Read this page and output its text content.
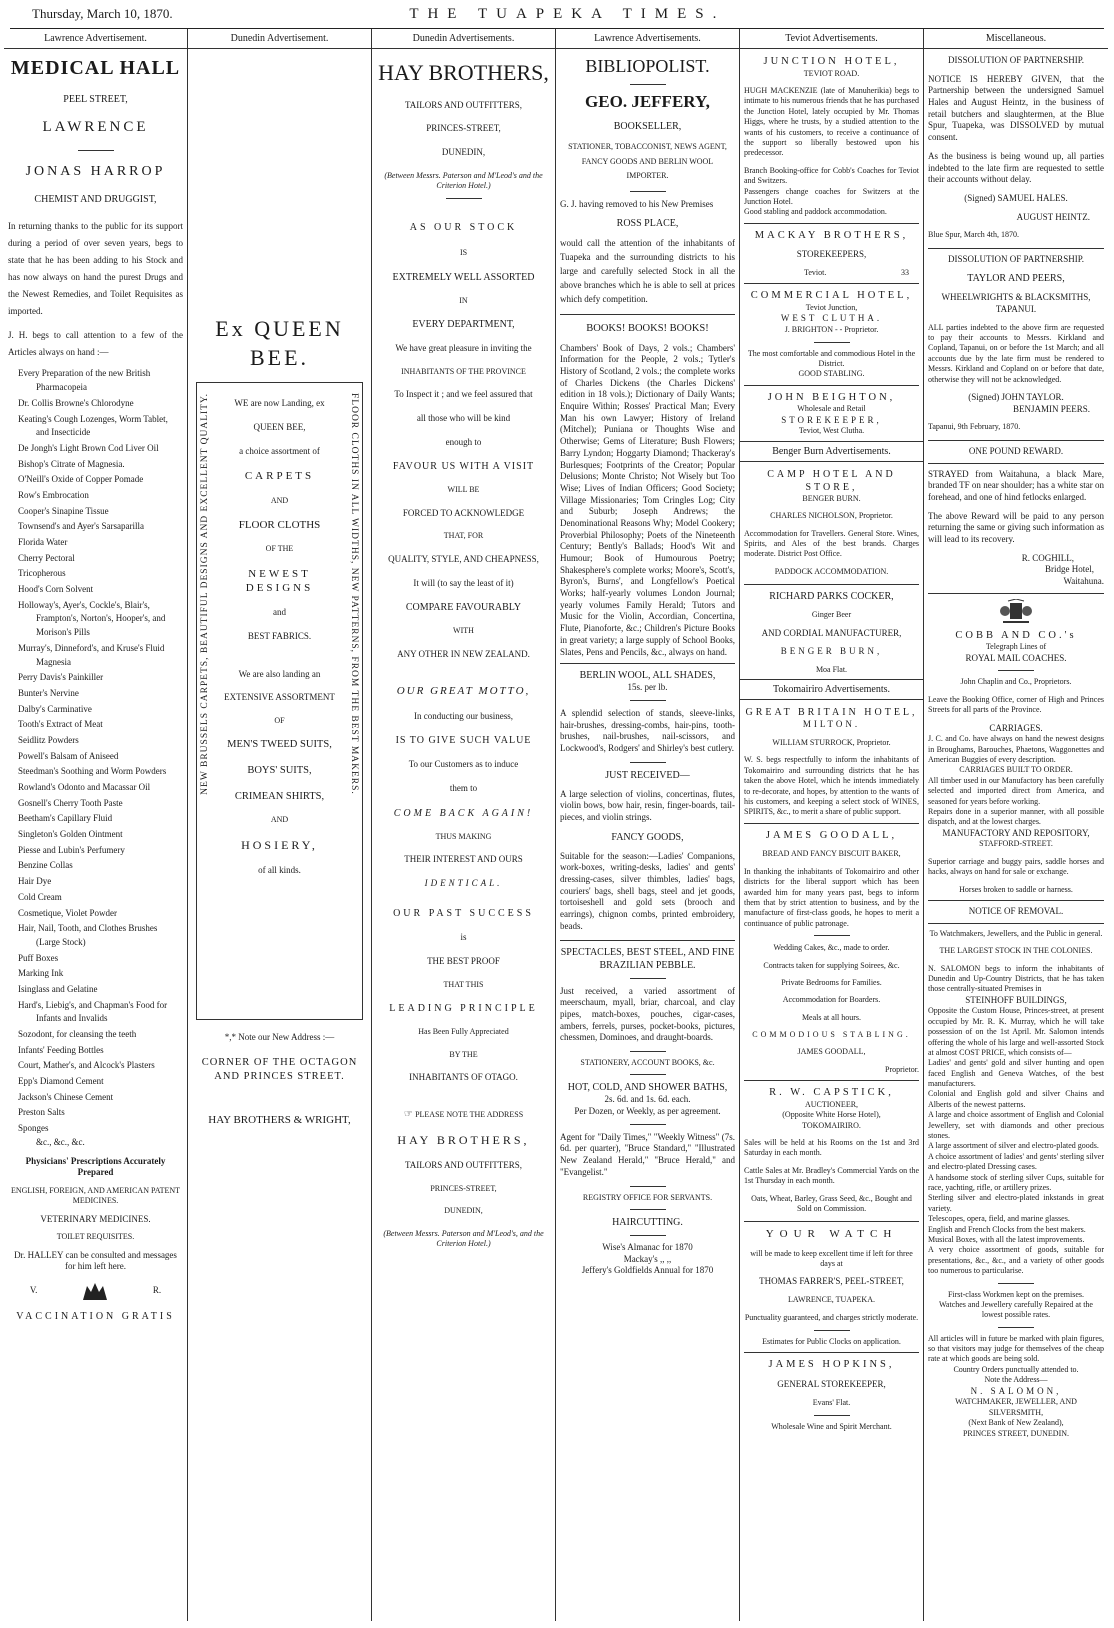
Thursday, March 10, 1870.	THE TUAPEKA TIMES.
Lawrence Advertisement.
MEDICAL HALL
PEEL STREET,
LAWRENCE
JONAS HARROP
CHEMIST AND DRUGGIST,
In returning thanks to the public for its support during a period of over seven years, begs to state that he has been adding to his Stock and has now always on hand the purest Drugs and the Newest Remedies, and Toilet Requisites as imported.
J. H. begs to call attention to a few of the Articles always on hand :—
Every Preparation of the new British
Pharmacopeia
Dr. Collis Browne's Chlorodyne
Keating's Cough Lozenges, Worm Tablet,
and Insecticide
De Jongh's Light Brown Cod Liver Oil
Bishop's Citrate of Magnesia.
O'Neill's Oxide of Copper Pomade
Row's Embrocation
Cooper's Sinapine Tissue
Townsend's and Ayer's Sarsaparilla
Florida Water
Cherry Pectoral
Tricopherous
Hood's Corn Solvent
Holloway's, Ayer's, Cockle's, Blair's,
Frampton's, Norton's, Hooper's, and
Morison's Pills
Murray's, Dinneford's, and Kruse's Fluid
Magnesia
Perry Davis's Painkiller
Bunter's Nervine
Dalby's Carminative
Tooth's Extract of Meat
Seidlitz Powders
Powell's Balsam of Aniseed
Steedman's Soothing and Worm Powders
Rowland's Odonto and Macassar Oil
Gosnell's Cherry Tooth Paste
Beetham's Capillary Fluid
Singleton's Golden Ointment
Piesse and Lubin's Perfumery
Benzine Collas
Hair Dye
Cold Cream
Cosmetique, Violet Powder
Hair, Nail, Tooth, and Clothes Brushes
(Large Stock)
Puff Boxes
Marking Ink
Isinglass and Gelatine
Hard's, Liebig's, and Chapman's Food for
Infants and Invalids
Sozodont, for cleansing the teeth
Infants' Feeding Bottles
Court, Mather's, and Alcock's Plasters
Epp's Diamond Cement
Jackson's Chinese Cement
Preston Salts
Sponges
&c., &c., &c.
Physicians' Prescriptions Accurately Prepared
ENGLISH, FOREIGN, AND AMERICAN PATENT MEDICINES.
VETERINARY MEDICINES.
TOILET REQUISITES.
Dr. HALLEY can be consulted and messages for him left here.
V.	R.
VACCINATION GRATIS
Dunedin Advertisement.
Ex QUEEN BEE.
NEW BRUSSELS CARPETS, BEAUTIFUL DESIGNS AND EXCELLENT QUALITY.	FLOOR CLOTHS IN ALL WIDTHS, NEW PATTERNS, FROM THE BEST MAKERS.
WE are now Landing, ex
QUEEN BEE,
a choice assortment of
CARPETS
AND
FLOOR CLOTHS
OF THE
NEWEST DESIGNS
and
BEST FABRICS.
We are also landing an
EXTENSIVE ASSORTMENT
OF
MEN'S TWEED SUITS,
BOYS' SUITS,
CRIMEAN SHIRTS,
AND
HOSIERY,
of all kinds.
*,* Note our New Address :—
CORNER OF THE OCTAGON AND PRINCES STREET.
HAY BROTHERS & WRIGHT,
Dunedin Advertisements.
HAY BROTHERS,
TAILORS AND OUTFITTERS,
PRINCES-STREET,
DUNEDIN,
(Between Messrs. Paterson and M'Leod's and the Criterion Hotel.)
AS OUR STOCK
IS
EXTREMELY WELL ASSORTED
IN
EVERY DEPARTMENT,
We have great pleasure in inviting the
INHABITANTS OF THE PROVINCE
To Inspect it ; and we feel assured that
all those who will be kind
enough to
FAVOUR US WITH A VISIT
WILL BE
FORCED TO ACKNOWLEDGE
THAT, FOR
QUALITY, STYLE, AND CHEAPNESS,
It will (to say the least of it)
COMPARE FAVOURABLY
WITH
ANY OTHER IN NEW ZEALAND.
OUR GREAT MOTTO,
In conducting our business,
IS TO GIVE SUCH VALUE
To our Customers as to induce
them to
COME BACK AGAIN!
THUS MAKING
THEIR INTEREST AND OURS
IDENTICAL.
OUR PAST SUCCESS
is
THE BEST PROOF
THAT THIS
LEADING PRINCIPLE
Has Been Fully Appreciated
BY THE
INHABITANTS OF OTAGO.
☞ PLEASE NOTE THE ADDRESS
HAY BROTHERS,
TAILORS AND OUTFITTERS,
PRINCES-STREET,
DUNEDIN,
(Between Messrs. Paterson and M'Leod's, and the Criterion Hotel.)
Lawrence Advertisements.
BIBLIOPOLIST.
GEO. JEFFERY,
BOOKSELLER,
STATIONER, TOBACCONIST, NEWS AGENT, FANCY GOODS AND BERLIN WOOL IMPORTER.
G. J. having removed to his New Premises
ROSS PLACE,
would call the attention of the inhabitants of Tuapeka and the surrounding districts to his large and carefully selected Stock in all the above branches which he is able to sell at prices which defy competition.
BOOKS! BOOKS! BOOKS!
Chambers' Book of Days, 2 vols.; Chambers' Information for the People, 2 vols.; Tytler's History of Scotland, 2 vols.; the complete works of Charles Dickens (the Charles Dickens' edition in 18 vols.); Dictionary of Daily Wants; Enquire Within; Rosses' Practical Man; Every Man his own Lawyer; History of Ireland (Mitchel); Puniana or Thoughts Wise and Otherwise; Gems of Literature; Bush Flowers; Barry Lyndon; Hoggarty Diamond; Thackeray's Burlesques; Footprints of the Creator; Popular Delusions; Monte Christo; Not Wisely but Too Wise; Lives of Indian Officers; Good Society; Village Missionaries; Tom Cringles Log; City and Suburb; Joseph Andrews; the Denominational Reasons Why; Model Cookery; Proverbial Philosophy; Poets of the Nineteenth Century; Bently's Ballads; Hood's Wit and Humour; Book of Humourous Poetry; Shakesphere's complete works; Moore's, Scott's, Byron's, Burns', and Longfellow's Poetical Works; half-yearly volumes London Journal; yearly volumes Family Herald; Tutors and Music for the Violin, Accordian, Concertina, Flute, Pianoforte, &c.; Children's Picture Books in great variety; a large supply of School Books, Slates, Pens and Pencils, &c., always on hand.
BERLIN WOOL, ALL SHADES,
15s. per lb.
A splendid selection of stands, sleeve-links, hair-brushes, dressing-combs, hair-pins, tooth-brushes, nail-brushes, nail-scissors, and Lockwood's, Rodgers' and Shirley's best cutlery.
JUST RECEIVED—
A large selection of violins, concertinas, flutes, violin bows, bow hair, resin, finger-boards, tail-pieces, and violin strings.
FANCY GOODS,
Suitable for the season:—Ladies' Companions, work-boxes, writing-desks, ladies' and gents' dressing-cases, silver thimbles, ladies' bags, couriers' bags, shell bags, steel and jet goods, tortoiseshell and gold sets (brooch and earrings), chignon combs, printed embroidery, beads.
SPECTACLES, BEST STEEL, AND FINE BRAZILIAN PEBBLE.
Just received, a varied assortment of meerschaum, myall, briar, charcoal, and clay pipes, match-boxes, pouches, cigar-cases, ambers, ferrels, purses, pocket-books, pictures, chessmen, Dominoes, and draught-boards.
STATIONERY, ACCOUNT BOOKS, &c.
HOT, COLD, AND SHOWER BATHS,
2s. 6d. and 1s. 6d. each.
Per Dozen, or Weekly, as per agreement.
Agent for "Daily Times," "Weekly Witness" (7s. 6d. per quarter), "Bruce Standard," "Illustrated New Zealand Herald," "Bruce Herald," and "Evangelist."
REGISTRY OFFICE FOR SERVANTS.
HAIRCUTTING.
Wise's Almanac for 1870
Mackay's ,, ,,
Jeffery's Goldfields Annual for 1870
Teviot Advertisements.
JUNCTION HOTEL,
TEVIOT ROAD.
HUGH MACKENZIE (late of Manuherikia) begs to intimate to his numerous friends that he has purchased the Junction Hotel, lately occupied by Mr. Thomas Higgs, where he trusts, by a studied attention to the wants of his customers, to receive a continuance of the support so liberally bestowed upon his predecessor.
Branch Booking-office for Cobb's Coaches for Teviot and Switzers.
Passengers change coaches for Switzers at the Junction Hotel.
Good stabling and paddock accommodation.
MACKAY BROTHERS,
STOREKEEPERS,
Teviot.	33
COMMERCIAL HOTEL,
Teviot Junction,
WEST CLUTHA.
J. BRIGHTON - - Proprietor.
The most comfortable and commodious Hotel in the District.
GOOD STABLING.
JOHN BEIGHTON,
Wholesale and Retail
STOREKEEPER,
Teviot, West Clutha.
Benger Burn Advertisements.
CAMP HOTEL AND STORE,
BENGER BURN.
CHARLES NICHOLSON, Proprietor.
Accommodation for Travellers. General Store. Wines, Spirits, and Ales of the best brands. Charges moderate. District Post Office.
PADDOCK ACCOMMODATION.
RICHARD PARKS COCKER,
Ginger Beer
AND CORDIAL MANUFACTURER,
BENGER BURN,
Moa Flat.
Tokomairiro Advertisements.
GREAT BRITAIN HOTEL,
MILTON.
WILLIAM STURROCK, Proprietor.
W. S. begs respectfully to inform the inhabitants of Tokomairiro and surrounding districts that he has taken the above Hotel, which he intends immediately to re-decorate, and hopes, by attention to the wants of his customers, and keeping a select stock of WINES, SPIRITS, &c., to merit a share of public support.
JAMES GOODALL,
BREAD AND FANCY BISCUIT BAKER,
In thanking the inhabitants of Tokomairiro and other districts for the liberal support which has been awarded him for many years past, begs to inform them that by strict attention to business, and by the manufacture of first-class goods, he hopes to merit a continuance of public patronage.
Wedding Cakes, &c., made to order.
Contracts taken for supplying Soirees, &c.
Private Bedrooms for Families.
Accommodation for Boarders.
Meals at all hours.
COMMODIOUS STABLING.
JAMES GOODALL,
Proprietor.
R. W. CAPSTICK,
AUCTIONEER,
(Opposite White Horse Hotel),
TOKOMAIRIRO.
Sales will be held at his Rooms on the 1st and 3rd Saturday in each month.
Cattle Sales at Mr. Bradley's Commercial Yards on the 1st Thursday in each month.
Oats, Wheat, Barley, Grass Seed, &c., Bought and Sold on Commission.
YOUR WATCH
will be made to keep excellent time if left for three days at
THOMAS FARRER'S, PEEL-STREET,
LAWRENCE, TUAPEKA.
Punctuality guaranteed, and charges strictly moderate.
Estimates for Public Clocks on application.
JAMES HOPKINS,
GENERAL STOREKEEPER,
Evans' Flat.
Wholesale Wine and Spirit Merchant.
Miscellaneous.
DISSOLUTION OF PARTNERSHIP.
NOTICE IS HEREBY GIVEN, that the Partnership between the undersigned Samuel Hales and August Heintz, in the business of retail butchers and slaughtermen, at the Blue Spur, Tuapeka, was DISSOLVED by mutual consent.
As the business is being wound up, all parties indebted to the late firm are requested to settle their accounts without delay.
(Signed) SAMUEL HALES.
AUGUST HEINTZ.
Blue Spur, March 4th, 1870.
DISSOLUTION OF PARTNERSHIP.
TAYLOR AND PEERS,
WHEELWRIGHTS & BLACKSMITHS,
TAPANUI.
ALL parties indebted to the above firm are requested to pay their accounts to Messrs. Kirkland and Copland, Tapanui, on or before the 1st March; and all accounts due by the late firm must be rendered to Messrs. Kirkland and Copland on or before that date, otherwise they will not be acknowledged.
(Signed) JOHN TAYLOR.
BENJAMIN PEERS.
Tapanui, 9th February, 1870.
ONE POUND REWARD.
STRAYED from Waitahuna, a black Mare, branded TF on near shoulder; has a white star on forehead, and one of hind fetlocks enlarged.
The above Reward will be paid to any person returning the same or giving such information as will lead to its recovery.
R. COGHILL,
Bridge Hotel,
Waitahuna.
COBB AND CO.'s
Telegraph Lines of
ROYAL MAIL COACHES.
John Chaplin and Co., Proprietors.
Leave the Booking Office, corner of High and Princes Streets for all parts of the Province.
CARRIAGES.
J. C. and Co. have always on hand the newest designs in Broughams, Barouches, Phaetons, Waggonettes and American Buggies of every description.
CARRIAGES BUILT TO ORDER.
All timber used in our Manufactory has been carefully selected and imported direct from America, and seasoned for years before working.
Repairs done in a superior manner, with all possible dispatch, and at the lowest charges.
MANUFACTORY AND REPOSITORY,
STAFFORD-STREET.
Superior carriage and buggy pairs, saddle horses and hacks, always on hand for sale or exchange.
Horses broken to saddle or harness.
NOTICE OF REMOVAL.
To Watchmakers, Jewellers, and the Public in general.
THE LARGEST STOCK IN THE COLONIES.
N. SALOMON begs to inform the inhabitants of Dunedin and Up-Country Districts, that he has taken those centrally-situated Premises in
STEINHOFF BUILDINGS,
Opposite the Custom House, Princes-street, at present occupied by Mr. R. K. Murray, which he will take possession of on the 1st April. Mr. Salomon intends offering the whole of his large and well-assorted Stock at almost COST PRICE, which consists of—
Ladies' and gents' gold and silver hunting and open faced English and Geneva Watches, of the best manufacturers.
Colonial and English gold and silver Chains and Alberts of the newest patterns.
A large and choice assortment of English and Colonial Jewellery, set with diamonds and other precious stones.
A large assortment of silver and electro-plated goods.
A choice assortment of ladies' and gents' sterling silver and electro-plated Dressing cases.
A handsome stock of sterling silver Cups, suitable for race, yachting, rifle, or artillery prizes.
Sterling silver and electro-plated inkstands in great variety.
Telescopes, opera, field, and marine glasses.
English and French Clocks from the best makers.
Musical Boxes, with all the latest improvements.
A very choice assortment of goods, suitable for presentations, &c., &c., and a variety of other goods too numerous to particularise.
First-class Workmen kept on the premises.
Watches and Jewellery carefully Repaired at the lowest possible rates.
All articles will in future be marked with plain figures, so that visitors may judge for themselves of the cheap rate at which goods are being sold.
Country Orders punctually attended to.
Note the Address—
N. SALOMON,
WATCHMAKER, JEWELLER, AND SILVERSMITH,
(Next Bank of New Zealand),
PRINCES STREET, DUNEDIN.
